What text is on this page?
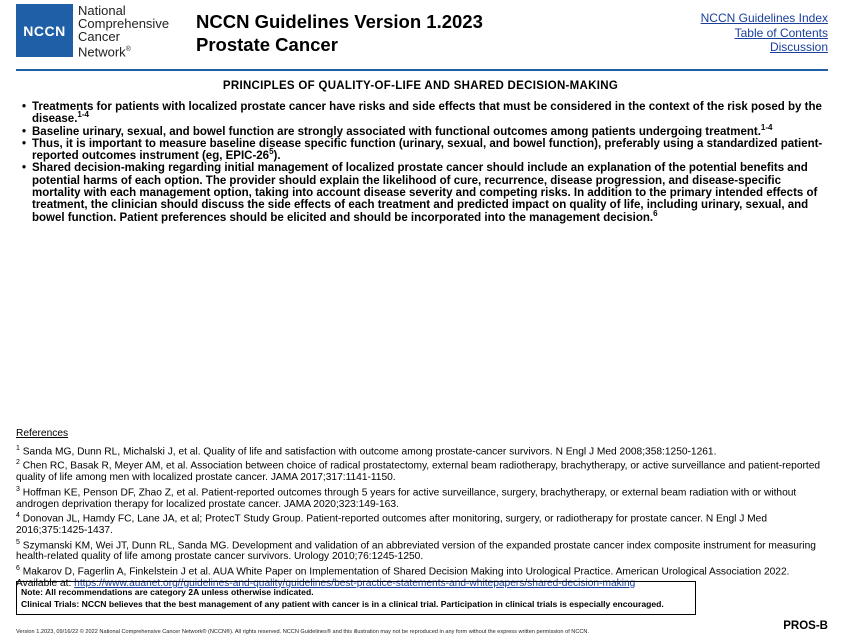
NCCN
National
Comprehensive
Cancer
Network®
NCCN Guidelines Version 1.2023
Prostate Cancer
NCCN Guidelines Index
Table of Contents
Discussion
PRINCIPLES OF QUALITY-OF-LIFE AND SHARED DECISION-MAKING
• Treatments for patients with localized prostate cancer have risks and side effects that must be considered in the context of the risk posed by the disease.$^{1-4}$
• Baseline urinary, sexual, and bowel function are strongly associated with functional outcomes among patients undergoing treatment.$^{1-4}$
• Thus, it is important to measure baseline disease specific function (urinary, sexual, and bowel function), preferably using a standardized patient-reported outcomes instrument (eg, EPIC-$26^5$).
• Shared decision-making regarding initial management of localized prostate cancer should include an explanation of the potential benefits and potential harms of each option. The provider should explain the likelihood of cure, recurrence, disease progression, and disease-specific mortality with each management option, taking into account disease severity and competing risks. In addition to the primary intended effects of treatment, the clinician should discuss the side effects of each treatment and predicted impact on quality of life, including urinary, sexual, and bowel function. Patient preferences should be elicited and should be incorporated into the management decision.$^6$
References
$^1$ Sanda MG, Dunn RL, Michalski J, et al. Quality of life and satisfaction with outcome among prostate-cancer survivors. N Engl J Med 2008;358:1250-1261.
$^2$ Chen RC, Basak R, Meyer AM, et al. Association between choice of radical prostatectomy, external beam radiotherapy, brachytherapy, or active surveillance and patient-reported quality of life among men with localized prostate cancer. JAMA 2017;317:1141-1150.
$^3$ Hoffman KE, Penson DF, Zhao Z, et al. Patient-reported outcomes through 5 years for active surveillance, surgery, brachytherapy, or external beam radiation with or without androgen deprivation therapy for localized prostate cancer. JAMA 2020;323:149-163.
$^4$ Donovan JL, Hamdy FC, Lane JA, et al; ProtecT Study Group. Patient-reported outcomes after monitoring, surgery, or radiotherapy for prostate cancer. N Engl J Med 2016;375:1425-1437.
$^5$ Szymanski KM, Wei JT, Dunn RL, Sanda MG. Development and validation of an abbreviated version of the expanded prostate cancer index composite instrument for measuring health-related quality of life among prostate cancer survivors. Urology 2010;76:1245-1250.
$^6$ Makarov D, Fagerlin A, Finkelstein J et al. AUA White Paper on Implementation of Shared Decision Making into Urological Practice. American Urological Association 2022. Available at: https://www.auanet.org//guidelines-and-quality/guidelines/best-practice-statements-and-whitepapers/shared-decision-making
Note: All recommendations are category 2A unless otherwise indicated.
Clinical Trials: NCCN believes that the best management of any patient with cancer is in a clinical trial. Participation in clinical trials is especially encouraged.
Version 1.2023, 09/16/22 © 2022 National Comprehensive Cancer Network® (NCCN®). All rights reserved. NCCN Guidelines® and this illustration may not be reproduced in any form without the express written permission of NCCN.	PROS-B
